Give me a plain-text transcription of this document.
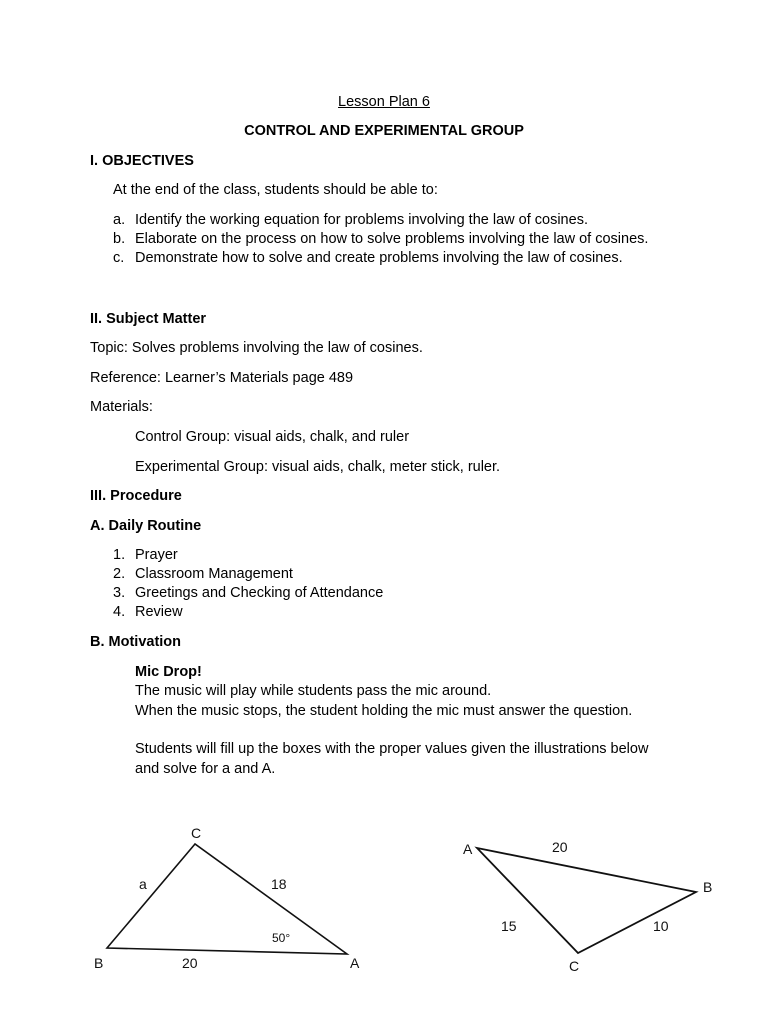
Lesson Plan 6
CONTROL AND EXPERIMENTAL GROUP
I. OBJECTIVES
At the end of the class, students should be able to:
a. Identify the working equation for problems involving the law of cosines.
b. Elaborate on the process on how to solve problems involving the law of cosines.
c. Demonstrate how to solve and create problems involving the law of cosines.
II. Subject Matter
Topic: Solves problems involving the law of cosines.
Reference: Learner’s Materials page 489
Materials:
Control Group: visual aids, chalk, and ruler
Experimental Group: visual aids, chalk, meter stick, ruler.
III. Procedure
A. Daily Routine
1. Prayer
2. Classroom Management
3. Greetings and Checking of Attendance
4. Review
B. Motivation
Mic Drop!
The music will play while students pass the mic around.
When the music stops, the student holding the mic must answer the question.
Students will fill up the boxes with the proper values given the illustrations below
and solve for a and A.
C
B	A
a	18
20
50°
A
B
C
20
15	10
